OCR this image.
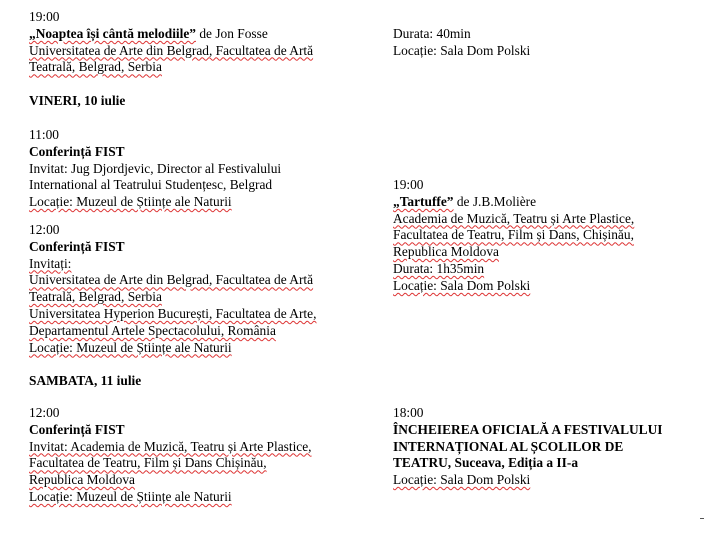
19:00
„Noaptea își cântă melodiile” de Jon Fosse
Universitatea de Arte din Belgrad, Facultatea de Artă
Teatrală, Belgrad, Serbia
Durata: 40min
Locație: Sala Dom Polski
VINERI, 10 iulie
11:00
Conferință FIST
Invitat: Jug Djordjevic, Director al Festivalului
International al Teatrului Studențesc, Belgrad
Locație: Muzeul de Științe ale Naturii
19:00
„Tartuffe” de J.B.Molière
Academia de Muzică, Teatru și Arte Plastice,
Facultatea de Teatru, Film și Dans, Chișinău,
Republica Moldova
Durata: 1h35min
Locație: Sala Dom Polski
12:00
Conferință FIST
Invitați:
Universitatea de Arte din Belgrad, Facultatea de Artă
Teatrală, Belgrad, Serbia
Universitatea Hyperion București, Facultatea de Arte,
Departamentul Artele Spectacolului, România
Locație: Muzeul de Științe ale Naturii
SAMBATA, 11 iulie
12:00
Conferință FIST
Invitat: Academia de Muzică, Teatru și Arte Plastice,
Facultatea de Teatru, Film și Dans Chișinău,
Republica Moldova
Locație: Muzeul de Științe ale Naturii
18:00
ÎNCHEIEREA OFICIALĂ A FESTIVALULUI
INTERNAȚIONAL AL ȘCOLILOR DE
TEATRU, Suceava, Ediția a II-a
Locație: Sala Dom Polski
